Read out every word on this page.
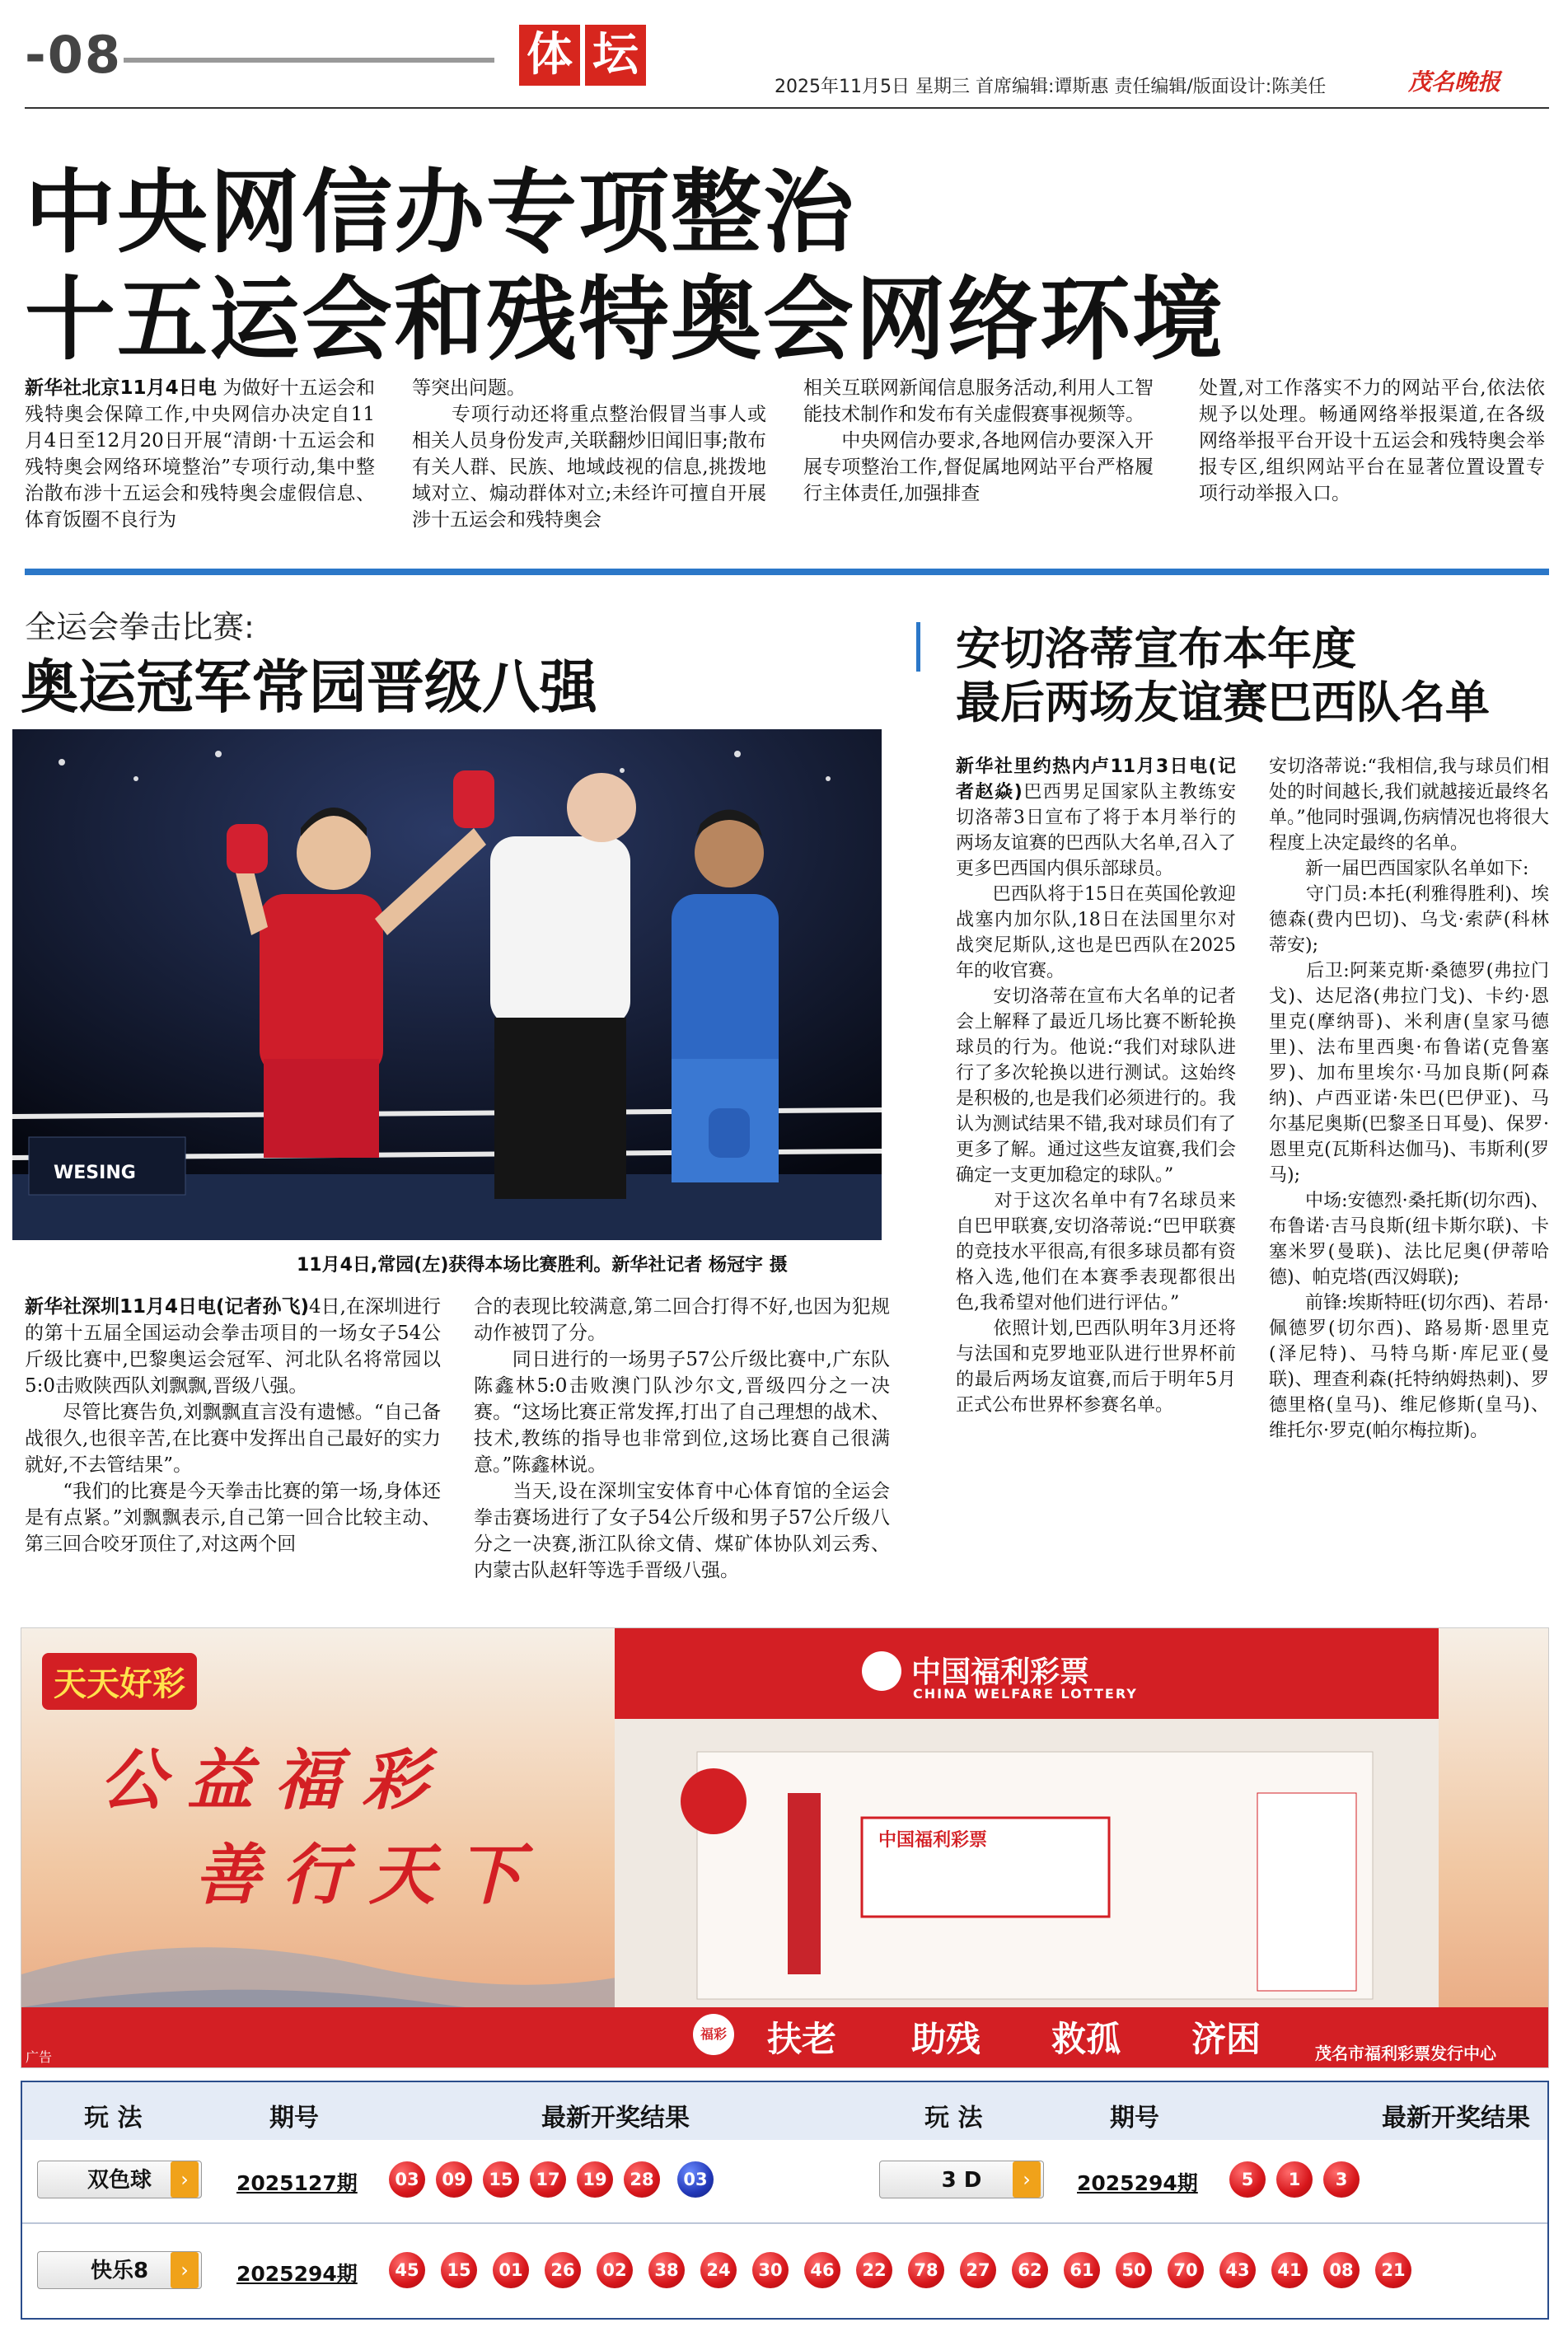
-08	体 坛
2025年11月5日 星期三 首席编辑:谭斯惠 责任编辑/版面设计:陈美任	茂名晚报
中央网信办专项整治
十五运会和残特奥会网络环境
新华社北京11月4日电 为做好十五运会和残特奥会保障工作,中央网信办决定自11月4日至12月20日开展“清朗·十五运会和残特奥会网络环境整治”专项行动,集中整治散布涉十五运会和残特奥会虚假信息、体育饭圈不良行为
等突出问题。
　　专项行动还将重点整治假冒当事人或相关人员身份发声,关联翻炒旧闻旧事;散布有关人群、民族、地域歧视的信息,挑拨地域对立、煽动群体对立;未经许可擅自开展涉十五运会和残特奥会
相关互联网新闻信息服务活动,利用人工智能技术制作和发布有关虚假赛事视频等。
　　中央网信办要求,各地网信办要深入开展专项整治工作,督促属地网站平台严格履行主体责任,加强排查
处置,对工作落实不力的网站平台,依法依规予以处理。畅通网络举报渠道,在各级网络举报平台开设十五运会和残特奥会举报专区,组织网站平台在显著位置设置专项行动举报入口。
全运会拳击比赛:
奥运冠军常园晋级八强
WESING
11月4日,常园(左)获得本场比赛胜利。新华社记者 杨冠宇 摄
新华社深圳11月4日电(记者孙飞)4日,在深圳进行的第十五届全国运动会拳击项目的一场女子54公斤级比赛中,巴黎奥运会冠军、河北队名将常园以5:0击败陕西队刘飘飘,晋级八强。
　　尽管比赛告负,刘飘飘直言没有遗憾。“自己备战很久,也很辛苦,在比赛中发挥出自己最好的实力就好,不去管结果”。
　　“我们的比赛是今天拳击比赛的第一场,身体还是有点紧。”刘飘飘表示,自己第一回合比较主动、第三回合咬牙顶住了,对这两个回
合的表现比较满意,第二回合打得不好,也因为犯规动作被罚了分。
　　同日进行的一场男子57公斤级比赛中,广东队陈鑫林5:0击败澳门队沙尔文,晋级四分之一决赛。“这场比赛正常发挥,打出了自己理想的战术、技术,教练的指导也非常到位,这场比赛自己很满意。”陈鑫林说。
　　当天,设在深圳宝安体育中心体育馆的全运会拳击赛场进行了女子54公斤级和男子57公斤级八分之一决赛,浙江队徐文倩、煤矿体协队刘云秀、内蒙古队赵轩等选手晋级八强。
安切洛蒂宣布本年度
最后两场友谊赛巴西队名单
新华社里约热内卢11月3日电(记者赵焱)巴西男足国家队主教练安切洛蒂3日宣布了将于本月举行的两场友谊赛的巴西队大名单,召入了更多巴西国内俱乐部球员。
　　巴西队将于15日在英国伦敦迎战塞内加尔队,18日在法国里尔对战突尼斯队,这也是巴西队在2025年的收官赛。
　　安切洛蒂在宣布大名单的记者会上解释了最近几场比赛不断轮换球员的行为。他说:“我们对球队进行了多次轮换以进行测试。这始终是积极的,也是我们必须进行的。我认为测试结果不错,我对球员们有了更多了解。通过这些友谊赛,我们会确定一支更加稳定的球队。”
　　对于这次名单中有7名球员来自巴甲联赛,安切洛蒂说:“巴甲联赛的竞技水平很高,有很多球员都有资格入选,他们在本赛季表现都很出色,我希望对他们进行评估。”
　　依照计划,巴西队明年3月还将与法国和克罗地亚队进行世界杯前的最后两场友谊赛,而后于明年5月正式公布世界杯参赛名单。
安切洛蒂说:“我相信,我与球员们相处的时间越长,我们就越接近最终名单。”他同时强调,伤病情况也将很大程度上决定最终的名单。
　　新一届巴西国家队名单如下:
　　守门员:本托(利雅得胜利)、埃德森(费内巴切)、乌戈·索萨(科林蒂安);
　　后卫:阿莱克斯·桑德罗(弗拉门戈)、达尼洛(弗拉门戈)、卡约·恩里克(摩纳哥)、米利唐(皇家马德里)、法布里西奥·布鲁诺(克鲁塞罗)、加布里埃尔·马加良斯(阿森纳)、卢西亚诺·朱巴(巴伊亚)、马尔基尼奥斯(巴黎圣日耳曼)、保罗·恩里克(瓦斯科达伽马)、韦斯利(罗马);
　　中场:安德烈·桑托斯(切尔西)、布鲁诺·吉马良斯(纽卡斯尔联)、卡塞米罗(曼联)、法比尼奥(伊蒂哈德)、帕克塔(西汉姆联);
　　前锋:埃斯特旺(切尔西)、若昂·佩德罗(切尔西)、路易斯·恩里克(泽尼特)、马特乌斯·库尼亚(曼联)、理查利森(托特纳姆热刺)、罗德里格(皇马)、维尼修斯(皇马)、维托尔·罗克(帕尔梅拉斯)。
天天好彩	中国福利彩票
CHINA WELFARE LOTTERY
公益福彩
善行天下	中国福利彩票
福彩 扶老 助残 救孤 济困
广告	茂名市福利彩票发行中心
玩 法	期号	最新开奖结果	玩 法	期号	最新开奖结果
双色球	›	2025127期	03	09	15	17	19	28	03	3 D	›	2025294期	5	1	3
快乐8	›	2025294期	45	15	01	26	02	38	24	30	46	22	78	27	62	61	50	70	43	41	08	21
